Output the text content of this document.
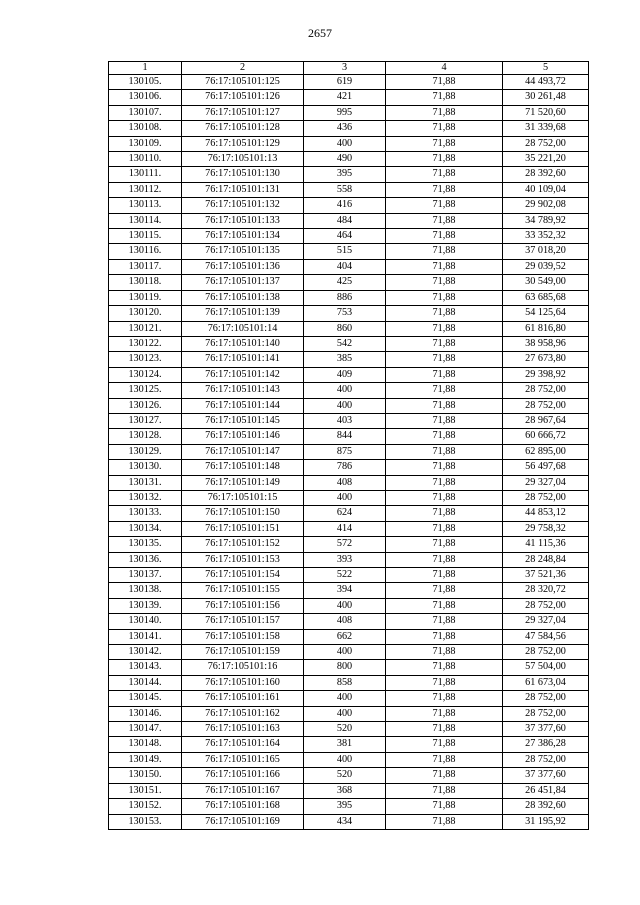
2657
1	2	3	4	5
130105.	76:17:105101:125	619	71,88	44 493,72
130106.	76:17:105101:126	421	71,88	30 261,48
130107.	76:17:105101:127	995	71,88	71 520,60
130108.	76:17:105101:128	436	71,88	31 339,68
130109.	76:17:105101:129	400	71,88	28 752,00
130110.	76:17:105101:13	490	71,88	35 221,20
130111.	76:17:105101:130	395	71,88	28 392,60
130112.	76:17:105101:131	558	71,88	40 109,04
130113.	76:17:105101:132	416	71,88	29 902,08
130114.	76:17:105101:133	484	71,88	34 789,92
130115.	76:17:105101:134	464	71,88	33 352,32
130116.	76:17:105101:135	515	71,88	37 018,20
130117.	76:17:105101:136	404	71,88	29 039,52
130118.	76:17:105101:137	425	71,88	30 549,00
130119.	76:17:105101:138	886	71,88	63 685,68
130120.	76:17:105101:139	753	71,88	54 125,64
130121.	76:17:105101:14	860	71,88	61 816,80
130122.	76:17:105101:140	542	71,88	38 958,96
130123.	76:17:105101:141	385	71,88	27 673,80
130124.	76:17:105101:142	409	71,88	29 398,92
130125.	76:17:105101:143	400	71,88	28 752,00
130126.	76:17:105101:144	400	71,88	28 752,00
130127.	76:17:105101:145	403	71,88	28 967,64
130128.	76:17:105101:146	844	71,88	60 666,72
130129.	76:17:105101:147	875	71,88	62 895,00
130130.	76:17:105101:148	786	71,88	56 497,68
130131.	76:17:105101:149	408	71,88	29 327,04
130132.	76:17:105101:15	400	71,88	28 752,00
130133.	76:17:105101:150	624	71,88	44 853,12
130134.	76:17:105101:151	414	71,88	29 758,32
130135.	76:17:105101:152	572	71,88	41 115,36
130136.	76:17:105101:153	393	71,88	28 248,84
130137.	76:17:105101:154	522	71,88	37 521,36
130138.	76:17:105101:155	394	71,88	28 320,72
130139.	76:17:105101:156	400	71,88	28 752,00
130140.	76:17:105101:157	408	71,88	29 327,04
130141.	76:17:105101:158	662	71,88	47 584,56
130142.	76:17:105101:159	400	71,88	28 752,00
130143.	76:17:105101:16	800	71,88	57 504,00
130144.	76:17:105101:160	858	71,88	61 673,04
130145.	76:17:105101:161	400	71,88	28 752,00
130146.	76:17:105101:162	400	71,88	28 752,00
130147.	76:17:105101:163	520	71,88	37 377,60
130148.	76:17:105101:164	381	71,88	27 386,28
130149.	76:17:105101:165	400	71,88	28 752,00
130150.	76:17:105101:166	520	71,88	37 377,60
130151.	76:17:105101:167	368	71,88	26 451,84
130152.	76:17:105101:168	395	71,88	28 392,60
130153.	76:17:105101:169	434	71,88	31 195,92
